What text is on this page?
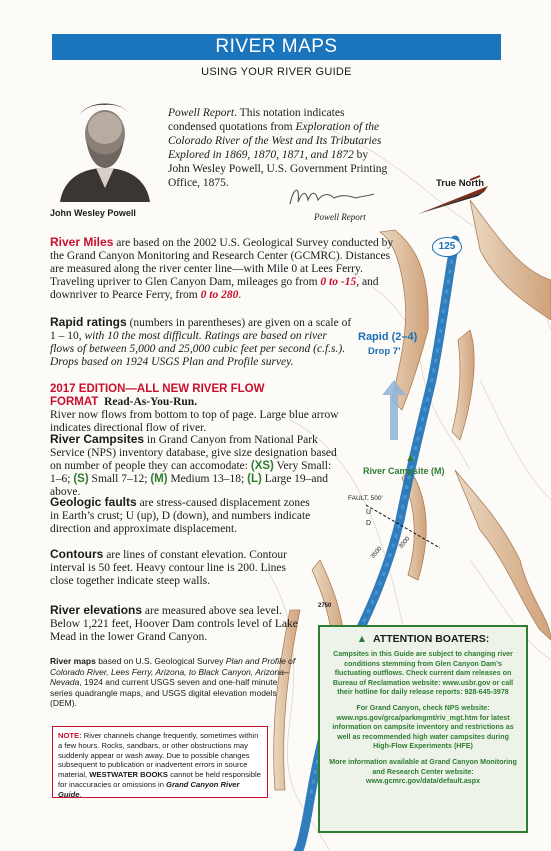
RIVER MAPS
USING YOUR RIVER GUIDE
John Wesley Powell
Powell Report. This notation indicates condensed quotations from Exploration of the Colorado River of the West and Its Tributaries Explored in 1869, 1870, 1871, and 1872 by John Wesley Powell, U.S. Government Printing Office, 1875.
Powell Report
River Miles are based on the 2002 U.S. Geological Survey conducted by the Grand Canyon Monitoring and Research Center (GCMRC). Distances are measured along the river center line—with Mile 0 at Lees Ferry. Traveling upriver to Glen Canyon Dam, mileages go from 0 to -15, and downriver to Pearce Ferry, from 0 to 280.
Rapid ratings (numbers in parentheses) are given on a scale of 1 – 10, with 10 the most difficult. Ratings are based on river flows of between 5,000 and 25,000 cubic feet per second (c.f.s.). Drops based on 1924 USGS Plan and Profile survey.
2017 EDITION—ALL NEW RIVER FLOW FORMAT Read-As-You-Run.
River now flows from bottom to top of page. Large blue arrow indicates directional flow of river.
River Campsites in Grand Canyon from National Park Service (NPS) inventory database, give size designation based on number of people they can accomodate: (XS) Very Small: 1–6; (S) Small 7–12; (M) Medium 13–18; (L) Large 19–and above.
Geologic faults are stress-caused displacement zones in Earth’s crust; U (up), D (down), and numbers indicate direction and approximate displacement.
Contours are lines of constant elevation. Contour interval is 50 feet. Heavy contour line is 200. Lines close together indicate steep walls.
River elevations are measured above sea level. Below 1,221 feet, Hoover Dam controls level of Lake Mead in the lower Grand Canyon.
River maps based on U.S. Geological Survey Plan and Profile of Colorado River, Lees Ferry, Arizona, to Black Canyon, Arizona–Nevada, 1924 and current USGS seven and one-half minute series quadrangle maps, and USGS digital elevation models (DEM).
NOTE: River channels change frequently, sometimes within a few hours. Rocks, sandbars, or other obstructions may suddenly appear or wash away. Due to possible changes subsequent to publication or inadvertent errors in source material, WESTWATER BOOKS cannot be held responsible for inaccuracies or omissions in Grand Canyon River Guide.
▲ ATTENTION BOATERS:

Campsites in this Guide are subject to changing river conditions stemming from Glen Canyon Dam’s fluctuating outflows. Check current dam releases on Bureau of Reclamation website: www.usbr.gov or call their hotline for daily release reports: 928-645-3978

For Grand Canyon, check NPS website: www.nps.gov/grca/parkmgmt/riv_mgt.htm for latest information on campsite inventory and restrictions as well as recommended high water campsites during High-Flow Experiments (HFE)

More information available at Grand Canyon Monitoring and Research Center website: www.gcmrc.gov/data/default.aspx

True North
125
Rapid (2–4)
Drop 7'
▲
River Campsite (M)
FAULT, 500'
U
D
3000
3500
2750
